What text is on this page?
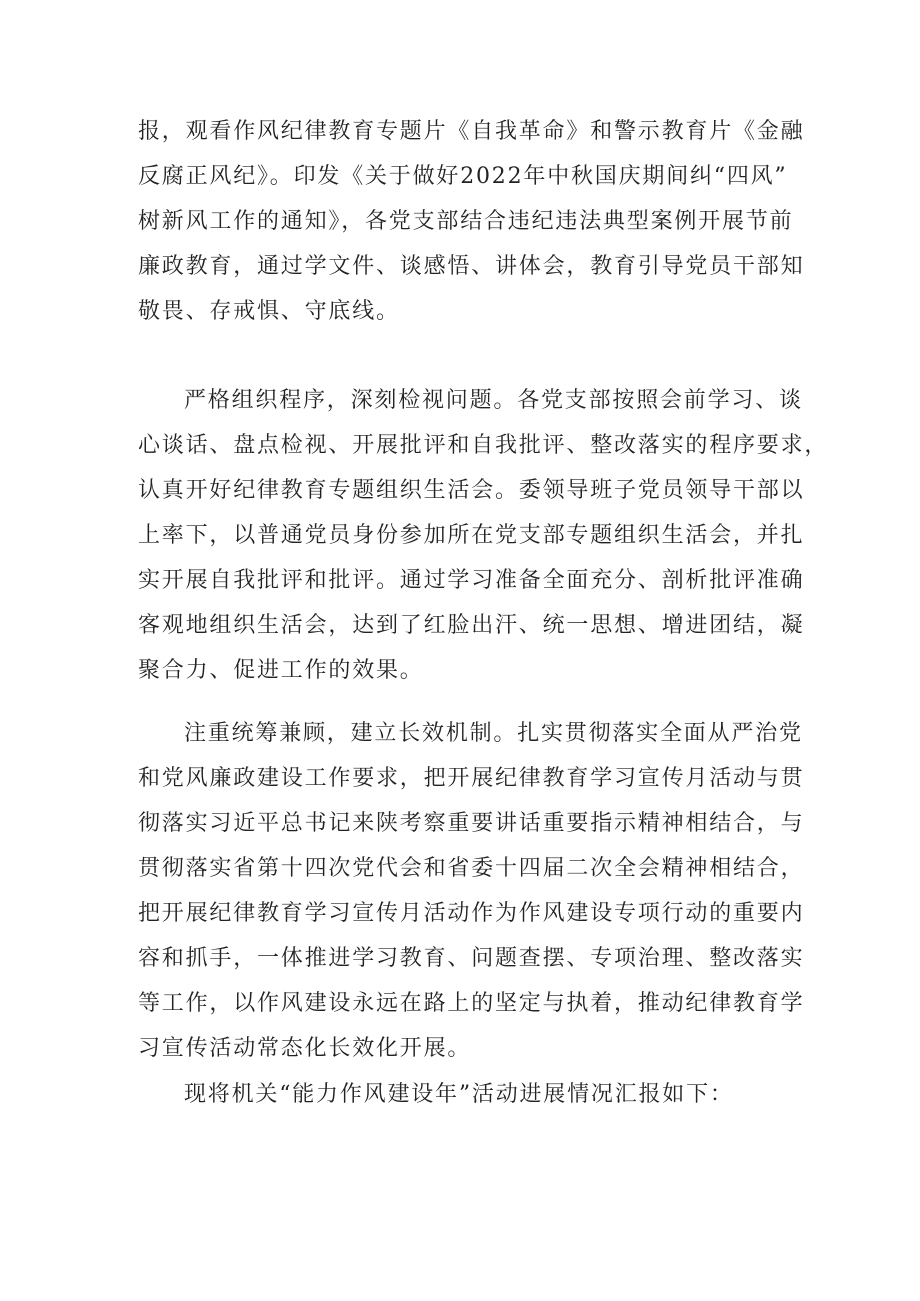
报，观看作风纪律教育专题片《自我革命》和警示教育片《金融
反腐正风纪》。印发《关于做好2022年中秋国庆期间纠“四风”
树新风工作的通知》，各党支部结合违纪违法典型案例开展节前
廉政教育，通过学文件、谈感悟、讲体会，教育引导党员干部知
敬畏、存戒惧、守底线。
严格组织程序，深刻检视问题。各党支部按照会前学习、谈
心谈话、盘点检视、开展批评和自我批评、整改落实的程序要求，
认真开好纪律教育专题组织生活会。委领导班子党员领导干部以
上率下，以普通党员身份参加所在党支部专题组织生活会，并扎
实开展自我批评和批评。通过学习准备全面充分、剖析批评准确
客观地组织生活会，达到了红脸出汗、统一思想、增进团结，凝
聚合力、促进工作的效果。
注重统筹兼顾，建立长效机制。扎实贯彻落实全面从严治党
和党风廉政建设工作要求，把开展纪律教育学习宣传月活动与贯
彻落实习近平总书记来陕考察重要讲话重要指示精神相结合，与
贯彻落实省第十四次党代会和省委十四届二次全会精神相结合，
把开展纪律教育学习宣传月活动作为作风建设专项行动的重要内
容和抓手，一体推进学习教育、问题查摆、专项治理、整改落实
等工作，以作风建设永远在路上的坚定与执着，推动纪律教育学
习宣传活动常态化长效化开展。
现将机关“能力作风建设年”活动进展情况汇报如下：
